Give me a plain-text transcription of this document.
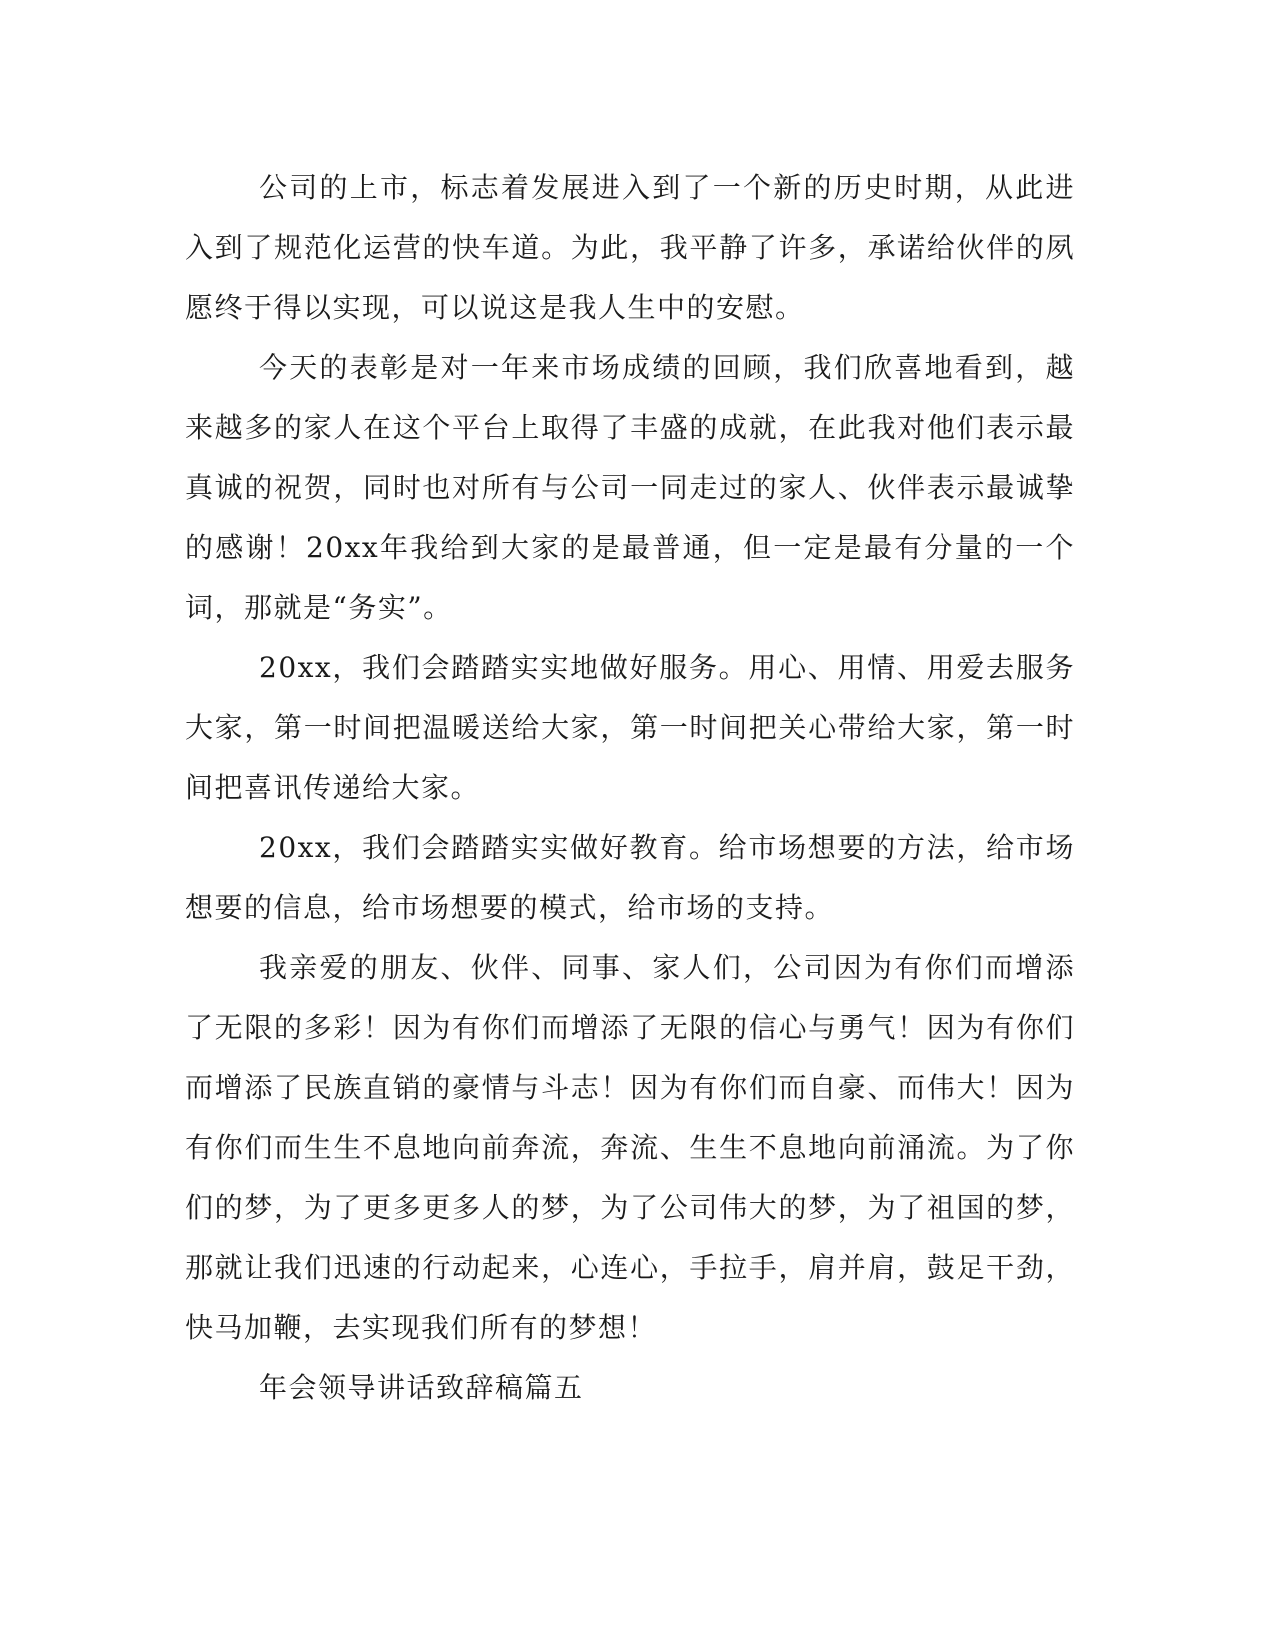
公司的上市，标志着发展进入到了一个新的历史时期，从此进入到了规范化运营的快车道。为此，我平静了许多，承诺给伙伴的夙愿终于得以实现，可以说这是我人生中的安慰。

今天的表彰是对一年来市场成绩的回顾，我们欣喜地看到，越来越多的家人在这个平台上取得了丰盛的成就，在此我对他们表示最真诚的祝贺，同时也对所有与公司一同走过的家人、伙伴表示最诚挚的感谢！20xx年我给到大家的是最普通，但一定是最有分量的一个词，那就是“务实”。

20xx，我们会踏踏实实地做好服务。用心、用情、用爱去服务大家，第一时间把温暖送给大家，第一时间把关心带给大家，第一时间把喜讯传递给大家。

20xx，我们会踏踏实实做好教育。给市场想要的方法，给市场想要的信息，给市场想要的模式，给市场的支持。

我亲爱的朋友、伙伴、同事、家人们，公司因为有你们而增添了无限的多彩！因为有你们而增添了无限的信心与勇气！因为有你们而增添了民族直销的豪情与斗志！因为有你们而自豪、而伟大！因为有你们而生生不息地向前奔流，奔流、生生不息地向前涌流。为了你们的梦，为了更多更多人的梦，为了公司伟大的梦，为了祖国的梦，那就让我们迅速的行动起来，心连心，手拉手，肩并肩，鼓足干劲，快马加鞭，去实现我们所有的梦想！

年会领导讲话致辞稿篇五
